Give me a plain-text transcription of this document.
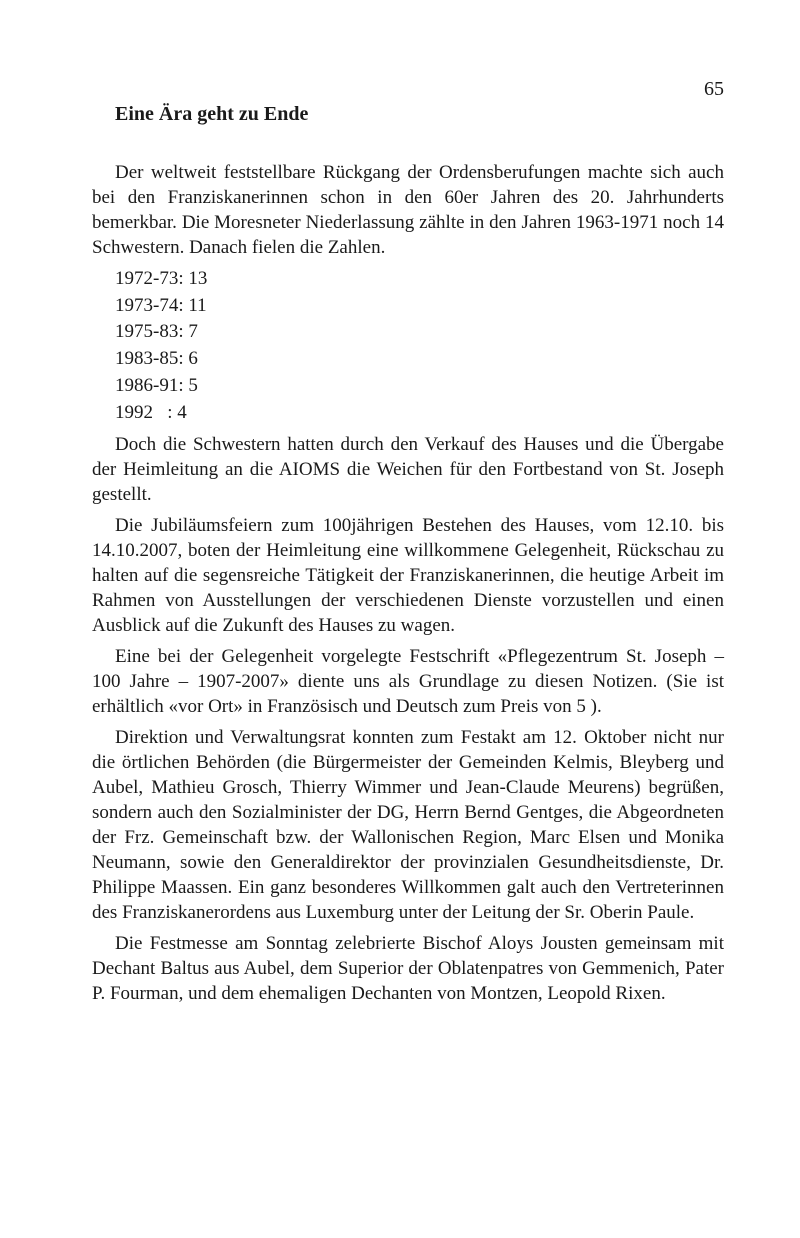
65
Eine Ära geht zu Ende

Der weltweit feststellbare Rückgang der Ordensberufungen machte sich auch bei den Franziskanerinnen schon in den 60er Jahren des 20. Jahrhunderts bemerkbar. Die Moresneter Niederlassung zählte in den Jahren 1963-1971 noch 14 Schwestern. Danach fielen die Zahlen.

1972-73: 13
1973-74: 11
1975-83: 7
1983-85: 6
1986-91: 5
1992   : 4

Doch die Schwestern hatten durch den Verkauf des Hauses und die Übergabe der Heimleitung an die AIOMS die Weichen für den Fortbestand von St. Joseph gestellt.

Die Jubiläumsfeiern zum 100jährigen Bestehen des Hauses, vom 12.10. bis 14.10.2007, boten der Heimleitung eine willkommene Gelegenheit, Rückschau zu halten auf die segensreiche Tätigkeit der Franziskanerinnen, die heutige Arbeit im Rahmen von Ausstellungen der verschiedenen Dienste vorzustellen und einen Ausblick auf die Zukunft des Hauses zu wagen.

Eine bei der Gelegenheit vorgelegte Festschrift «Pflegezentrum St. Joseph – 100 Jahre – 1907-2007» diente uns als Grundlage zu diesen Notizen. (Sie ist erhältlich «vor Ort» in Französisch und Deutsch zum Preis von 5 ).

Direktion und Verwaltungsrat konnten zum Festakt am 12. Oktober nicht nur die örtlichen Behörden (die Bürgermeister der Gemeinden Kelmis, Bleyberg und Aubel, Mathieu Grosch, Thierry Wimmer und Jean-Claude Meurens) begrüßen, sondern auch den Sozialminister der DG, Herrn Bernd Gentges, die Abgeordneten der Frz. Gemeinschaft bzw. der Wallonischen Region, Marc Elsen und Monika Neumann, sowie den Generaldirektor der provinzialen Gesundheitsdienste, Dr. Philippe Maassen. Ein ganz besonderes Willkommen galt auch den Vertreterinnen des Franziskanerordens aus Luxemburg unter der Leitung der Sr. Oberin Paule.

Die Festmesse am Sonntag zelebrierte Bischof Aloys Jousten gemeinsam mit Dechant Baltus aus Aubel, dem Superior der Oblatenpatres von Gemmenich, Pater P. Fourman, und dem ehemaligen Dechanten von Montzen, Leopold Rixen.
